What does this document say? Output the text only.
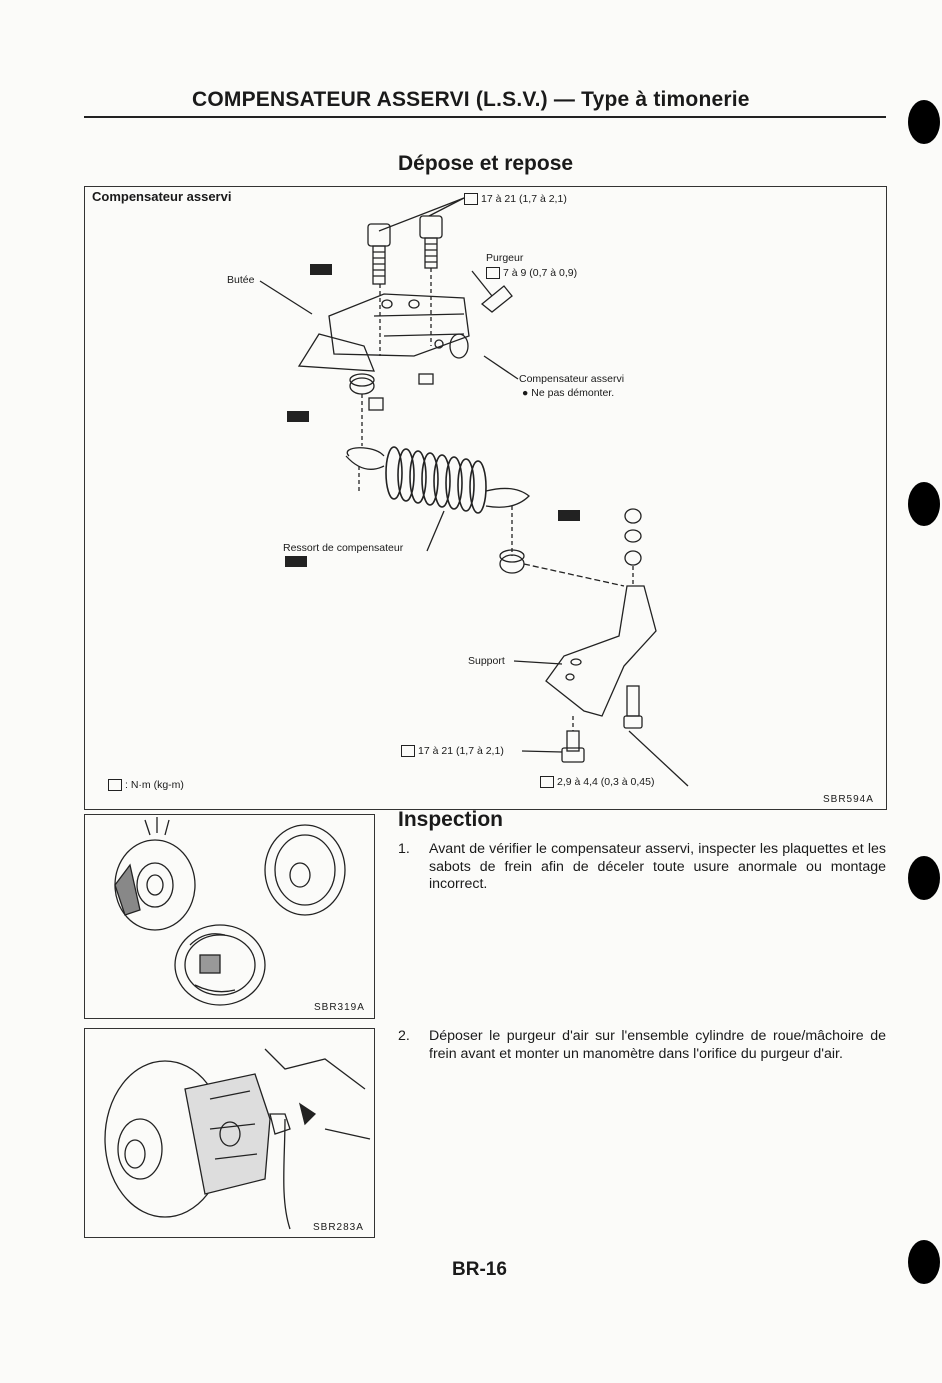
COMPENSATEUR ASSERVI (L.S.V.) — Type à timonerie
Dépose et repose
Compensateur asservi	17 à 21 (1,7 à 2,1)
Purgeur
7 à 9 (0,7 à 0,9)
Butée
Compensateur asservi
● Ne pas démonter.
Ressort de compensateur
Support
17 à 21 (1,7 à 2,1)
2,9 à 4,4 (0,3 à 0,45)
: N·m (kg-m)
SBR594A
Inspection
1. Avant de vérifier le compensateur asservi, inspecter les plaquettes et les sabots de frein afin de déceler toute usure anormale ou montage incorrect.
2. Déposer le purgeur d'air sur l'ensemble cylindre de roue/mâchoire de frein avant et monter un manomètre dans l'orifice du purgeur d'air.
SBR319A
SBR283A
BR-16
